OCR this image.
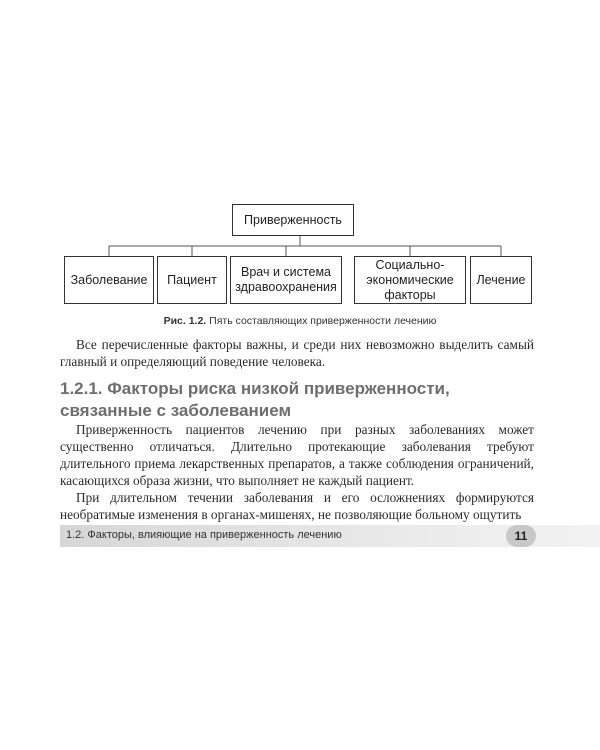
Приверженность
Заболевание	Пациент
Врач и система здравоохранения
Социально-экономические факторы
Лечение
Рис. 1.2. Пять составляющих приверженности лечению

Все перечисленные факторы важны, и среди них невозможно выделить самый главный и определяющий поведение человека.

1.2.1. Факторы риска низкой приверженности,
связанные с заболеванием

Приверженность пациентов лечению при разных заболеваниях может существенно отличаться. Длительно протекающие заболевания требуют длительного приема лекарственных препаратов, а также соблюдения ограничений, касающихся образа жизни, что выполняет не каждый пациент.

При длительном течении заболевания и его осложнениях формируются необратимые изменения в органах-мишенях, не позволяющие больному ощутить

1.2. Факторы, влияющие на приверженность лечению	11
